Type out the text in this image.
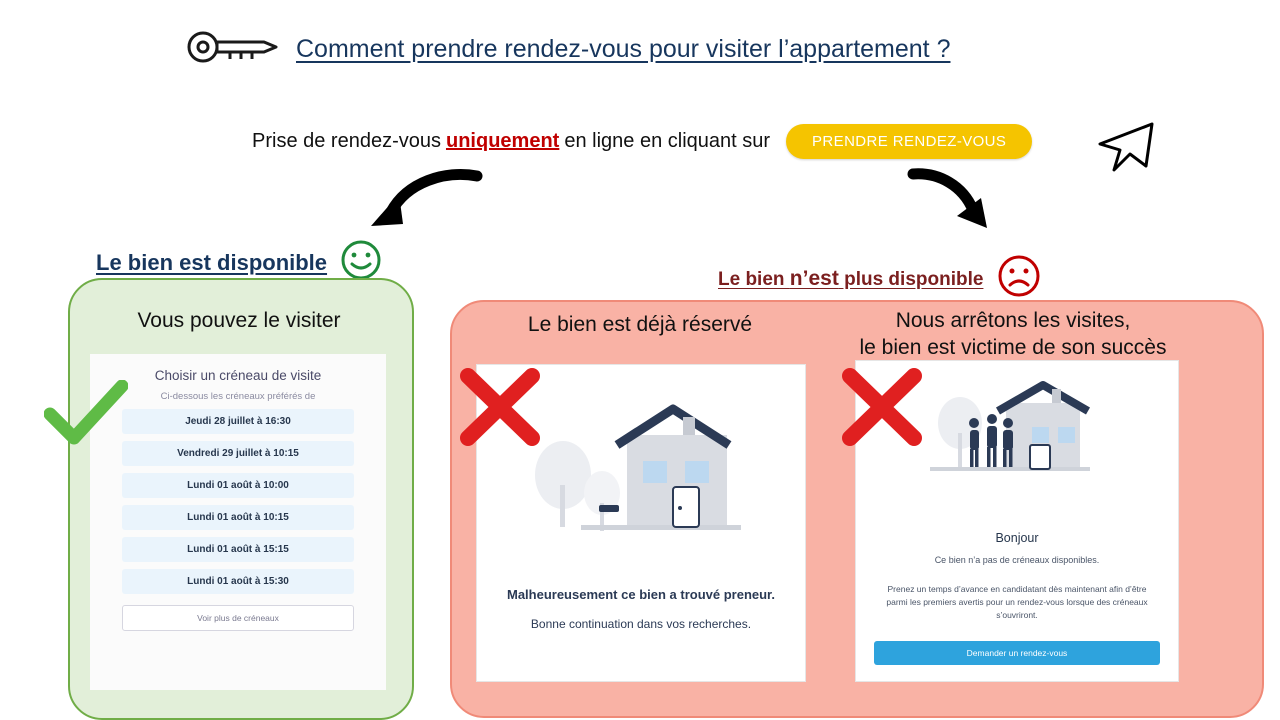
Comment prendre rendez-vous pour visiter l’appartement ?
Prise de rendez-vous uniquement en ligne en cliquant sur	PRENDRE RENDEZ-VOUS
Le bien est disponible
Le bien n’est plus disponible
Vous pouvez le visiter
Choisir un créneau de visite
Ci-dessous les créneaux préférés de
Jeudi 28 juillet à 16:30
Vendredi 29 juillet à 10:15
Lundi 01 août à 10:00
Lundi 01 août à 10:15
Lundi 01 août à 15:15
Lundi 01 août à 15:30
Voir plus de créneaux
Le bien est déjà réservé	Nous arrêtons les visites,
le bien est victime de son succès
Malheureusement ce bien a trouvé preneur.
Bonne continuation dans vos recherches.
Bonjour
Ce bien n’a pas de créneaux disponibles.
Prenez un temps d’avance en candidatant dès maintenant afin d’être parmi les premiers avertis pour un rendez-vous lorsque des créneaux s’ouvriront.
Demander un rendez-vous
